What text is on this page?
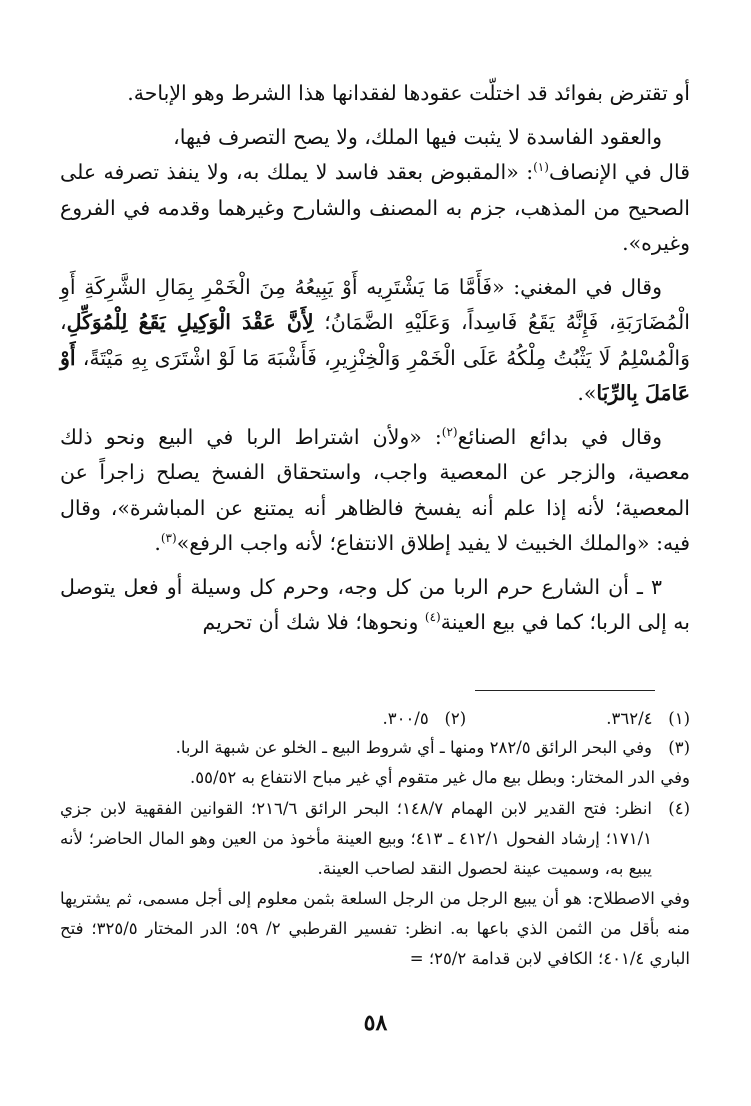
أو تقترض بفوائد قد اختلّت عقودها لفقدانها هذا الشرط وهو الإباحة.

والعقود الفاسدة لا يثبت فيها الملك، ولا يصح التصرف فيها،

قال في الإنصاف$^{(١)}$: «المقبوض بعقد فاسد لا يملك به، ولا ينفذ تصرفه على الصحيح من المذهب، جزم به المصنف والشارح وغيرهما وقدمه في الفروع وغيره».

وقال في المغني: «فَأَمَّا مَا يَشْتَرِيه أَوْ يَبِيعُهُ مِنَ الْخَمْرِ بِمَالِ الشَّرِكَةِ أَوِ الْمُضَارَبَةِ، فَإِنَّهُ يَقَعُ فَاسِداً، وَعَلَيْهِ الضَّمَانُ؛ لِأَنَّ عَقْدَ الْوَكِيلِ يَقَعُ لِلْمُوَكِّلِ، وَالْمُسْلِمُ لَا يَثْبُتُ مِلْكُهُ عَلَى الْخَمْرِ وَالْخِنْزِيرِ، فَأَشْبَهَ مَا لَوْ اشْتَرَى بِهِ مَيْتَةً، أَوْ عَامَلَ بِالرِّبَا».

وقال في بدائع الصنائع$^{(٢)}$: «ولأن اشتراط الربا في البيع ونحو ذلك معصية، والزجر عن المعصية واجب، واستحقاق الفسخ يصلح زاجراً عن المعصية؛ لأنه إذا علم أنه يفسخ فالظاهر أنه يمتنع عن المباشرة»، وقال فيه: «والملك الخبيث لا يفيد إطلاق الانتفاع؛ لأنه واجب الرفع»$^{(٣)}$.

٣ ـ أن الشارع حرم الربا من كل وجه، وحرم كل وسيلة أو فعل يتوصل به إلى الربا؛ كما في بيع العينة$^{(٤)}$ ونحوها؛ فلا شك أن تحريم

(١)   ٣٦٢/٤.
(٢)   ٣٠٠/٥.
(٣)
وفي البحر الرائق ٢٨٢/٥ ومنها ـ أي شروط البيع ـ الخلو عن شبهة الربا.
وفي الدر المختار: وبطل بيع مال غير متقوم أي غير مباح الانتفاع به ٥٥/٥٢.
(٤)
انظر: فتح القدير لابن الهمام ١٤٨/٧؛ البحر الرائق ٢١٦/٦؛ القوانين الفقهية لابن جزي ١٧١/١؛ إرشاد الفحول ٤١٢/١ ـ ٤١٣؛ وبيع العينة مأخوذ من العين وهو المال الحاضر؛ لأنه يبيع به، وسميت عينة لحصول النقد لصاحب العينة.
وفي الاصطلاح: هو أن يبيع الرجل من الرجل السلعة بثمن معلوم إلى أجل مسمى، ثم يشتريها منه بأقل من الثمن الذي باعها به. انظر: تفسير القرطبي ٢/ ٥٩؛ الدر المختار ٣٢٥/٥؛ فتح الباري ٤٠١/٤؛ الكافي لابن قدامة ٢٥/٢؛ =
٥٨
